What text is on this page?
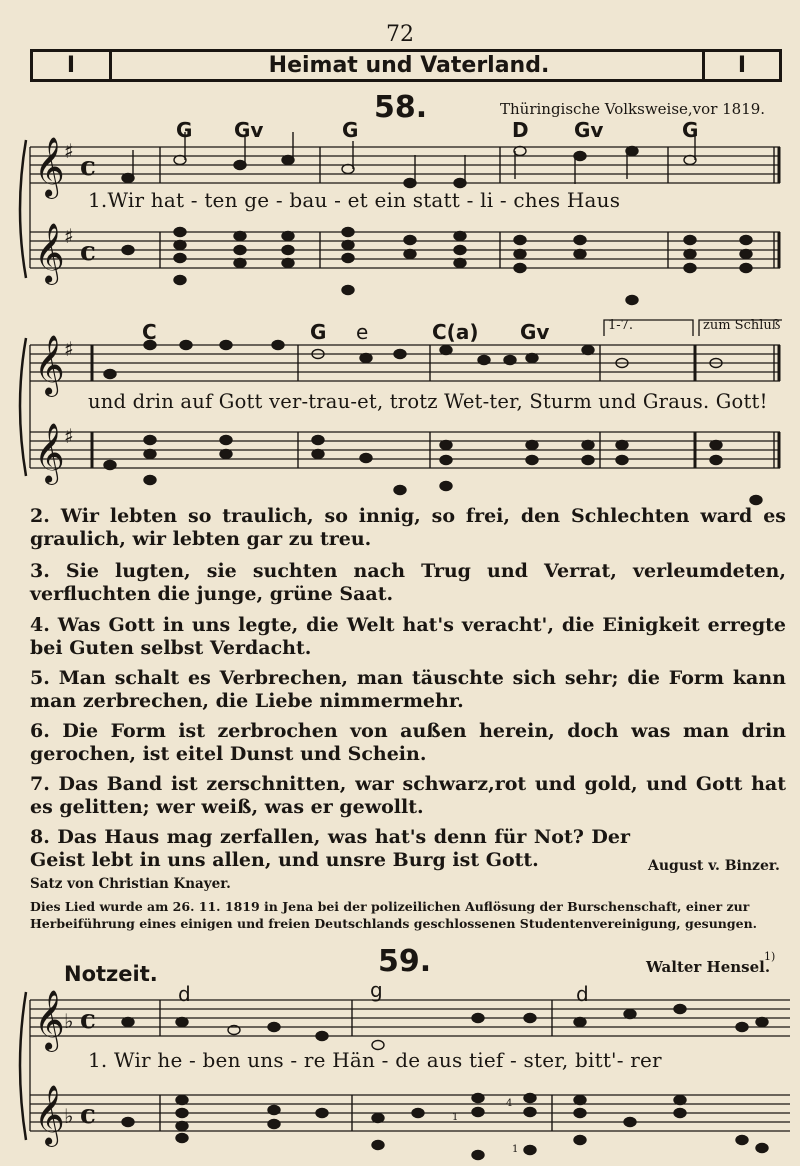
72
I	Heimat und Vaterland.	I
58.	Thüringische Volksweise,vor 1819.
𝄞
𝄞
𝄞
𝄞
𝄞
𝄞
♯
♯
♯
♯
♭
♭
c
c
c
c
G Gv	G	D Gv	G
1.Wir hat - ten ge - bau - et ein statt - li - ches Haus
C	G e	C(a) Gv	1-7.	zum Schluß
und drin auf Gott ver-trau-et, trotz Wet-ter, Sturm und Graus. Gott!
2. Wir lebten so traulich, so innig, so frei, den Schlechten ward es graulich, wir lebten gar zu treu.
3. Sie lugten, sie suchten nach Trug und Verrat, verleumdeten, verfluchten die junge, grüne Saat.
4. Was Gott in uns legte, die Welt hat's veracht', die Einigkeit erregte bei Guten selbst Verdacht.
5. Man schalt es Verbrechen, man täuschte sich sehr; die Form kann man zerbrechen, die Liebe nimmermehr.
6. Die Form ist zerbrochen von außen herein, doch was man drin gerochen, ist eitel Dunst und Schein.
7. Das Band ist zerschnitten, war schwarz,rot und gold, und Gott hat es gelitten; wer weiß, was er gewollt.
8. Das Haus mag zerfallen, was hat's denn für Not? Der Geist lebt in uns allen, und unsre Burg ist Gott.	August v. Binzer.
Satz von Christian Knayer.
Dies Lied wurde am 26. 11. 1819 in Jena bei der polizeilichen Auflösung der Burschenschaft, einer zur Herbeiführung eines einigen und freien Deutschlands geschlossenen Studentenvereinigung, gesungen.
Notzeit.	59.	Walter Hensel.
1)
d	g	d
1. Wir he - ben uns - re Hän - de aus tief - ster, bitt'- rer
1
4
1
